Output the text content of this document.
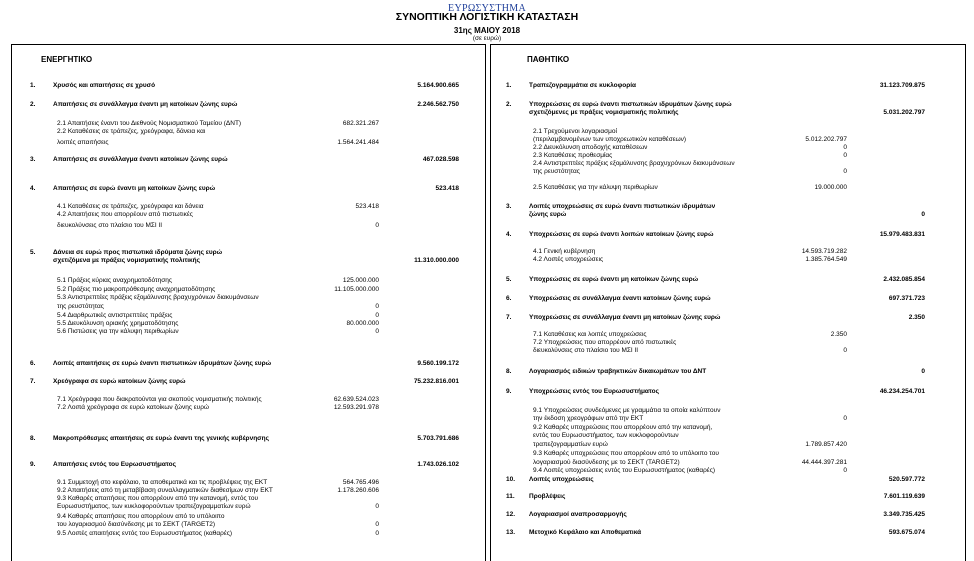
ΕΥΡΩΣΥΣΤΗΜΑ
ΣΥΝΟΠΤΙΚΗ ΛΟΓΙΣΤΙΚΗ ΚΑΤΑΣΤΑΣΗ
31ης ΜΑΙΟΥ 2018
(σε ευρώ)
ΕΝΕΡΓΗΤΙΚΟ
1.	Χρυσός και απαιτήσεις σε χρυσό	5.164.900.665
2.	Απαιτήσεις σε συνάλλαγμα έναντι μη κατοίκων ζώνης ευρώ	2.246.562.750
2.1 Απαιτήσεις έναντι του Διεθνούς Νομισματικού Ταμείου (ΔΝΤ)	682.321.267
2.2 Καταθέσεις σε τράπεζες, χρεόγραφα, δάνεια και
λοιπές απαιτήσεις	1.564.241.484
3.	Απαιτήσεις σε συνάλλαγμα έναντι κατοίκων ζώνης ευρώ	467.028.598
4.	Απαιτήσεις σε ευρώ έναντι μη κατοίκων ζώνης ευρώ	523.418
4.1 Καταθέσεις σε τράπεζες, χρεόγραφα και δάνεια	523.418
4.2 Απαιτήσεις που απορρέουν από πιστωτικές
διευκολύνσεις στο πλαίσιο του ΜΣΙ ΙΙ	0
5.	Δάνεια σε ευρώ προς πιστωτικά ιδρύματα ζώνης ευρώ
σχετιζόμενα με πράξεις νομισματικής πολιτικής	11.310.000.000
5.1 Πράξεις κύριας αναχρηματοδότησης	125.000.000
5.2 Πράξεις πιο μακροπρόθεσμης αναχρηματοδότησης	11.105.000.000
5.3 Αντιστρεπτέες πράξεις εξομάλυνσης βραχυχρόνιων διακυμάνσεων
της ρευστότητας	0
5.4 Διαρθρωτικές αντιστρεπτέες πράξεις	0
5.5 Διευκόλυνση οριακής χρηματοδότησης	80.000.000
5.6 Πιστώσεις για την κάλυψη περιθωρίων	0
6.	Λοιπές απαιτήσεις σε ευρώ έναντι πιστωτικών ιδρυμάτων ζώνης ευρώ	9.560.199.172
7.	Χρεόγραφα σε ευρώ κατοίκων ζώνης ευρώ	75.232.816.001
7.1 Χρεόγραφα που διακρατούνται για σκοπούς νομισματικής πολιτικής	62.639.524.023
7.2 Λοιπά χρεόγραφα σε ευρώ κατοίκων ζώνης ευρώ	12.593.291.978
8.	Μακροπρόθεσμες απαιτήσεις σε ευρώ έναντι της γενικής κυβέρνησης	5.703.791.686
9.	Απαιτήσεις εντός του Ευρωσυστήματος	1.743.026.102
9.1 Συμμετοχή στο κεφάλαιο, τα αποθεματικά και τις προβλέψεις της ΕΚΤ	564.765.496
9.2 Απαιτήσεις από τη μεταβίβαση συναλλαγματικών διαθεσίμων στην ΕΚΤ	1.178.260.606
9.3 Καθαρές απαιτήσεις που απορρέουν από την κατανομή, εντός του
Ευρωσυστήματος, των κυκλοφορούντων τραπεζογραμματίων ευρώ	0
9.4 Καθαρές απαιτήσεις που απορρέουν από το υπόλοιπο
του λογαριασμού διασύνδεσης με το ΣΕΚΤ (TARGET2)	0
9.5 Λοιπές απαιτήσεις εντός του Ευρωσυστήματος (καθαρές)	0
ΠΑΘΗΤΙΚΟ
1.	Τραπεζογραμμάτια σε κυκλοφορία	31.123.709.875
2.	Υποχρεώσεις σε ευρώ έναντι πιστωτικών ιδρυμάτων ζώνης ευρώ
σχετιζόμενες με πράξεις νομισματικής πολιτικής	5.031.202.797
2.1 Τρεχούμενοι λογαριασμοί
(περιλαμβανομένων των υποχρεωτικών καταθέσεων)	5.012.202.797
2.2 Διευκόλυνση αποδοχής καταθέσεων	0
2.3 Καταθέσεις προθεσμίας	0
2.4 Αντιστρεπτέες πράξεις εξομάλυνσης βραχυχρόνιων διακυμάνσεων
της ρευστότητας	0
2.5 Καταθέσεις για την κάλυψη περιθωρίων	19.000.000
3.	Λοιπές υποχρεώσεις σε ευρώ έναντι πιστωτικών ιδρυμάτων
ζώνης ευρώ	0
4.	Υποχρεώσεις σε ευρώ έναντι λοιπών κατοίκων ζώνης ευρώ	15.979.483.831
4.1 Γενική κυβέρνηση	14.593.719.282
4.2 Λοιπές υποχρεώσεις	1.385.764.549
5.	Υποχρεώσεις σε ευρώ έναντι μη κατοίκων ζώνης ευρώ	2.432.085.854
6.	Υποχρεώσεις σε συνάλλαγμα έναντι κατοίκων ζώνης ευρώ	697.371.723
7.	Υποχρεώσεις σε συνάλλαγμα έναντι μη κατοίκων ζώνης ευρώ	2.350
7.1 Καταθέσεις και λοιπές υποχρεώσεις	2.350
7.2 Υποχρεώσεις που απορρέουν από πιστωτικές
διευκολύνσεις στο πλαίσιο του ΜΣΙ ΙΙ	0
8.	Λογαριασμός ειδικών τραβηκτικών δικαιωμάτων του ΔΝΤ	0
9.	Υποχρεώσεις εντός του Ευρωσυστήματος	46.234.254.701
9.1 Υποχρεώσεις συνδεόμενες με γραμμάτια τα οποία καλύπτουν
την έκδοση χρεογράφων από την ΕΚΤ	0
9.2 Καθαρές υποχρεώσεις που απορρέουν από την κατανομή,
εντός του Ευρωσυστήματος, των κυκλοφορούντων
τραπεζογραμματίων ευρώ	1.789.857.420
9.3 Καθαρές υποχρεώσεις που απορρέουν από το υπόλοιπο του
λογαριασμού διασύνδεσης με το ΣΕΚΤ (TARGET2)	44.444.397.281
9.4 Λοιπές υποχρεώσεις εντός του Ευρωσυστήματος (καθαρές)	0
10. Λοιπές υποχρεώσεις	520.597.772
11. Προβλέψεις	7.601.119.639
12. Λογαριασμοί αναπροσαρμογής	3.349.735.425
13. Μετοχικό Κεφάλαιο και Αποθεματικά	593.675.074
